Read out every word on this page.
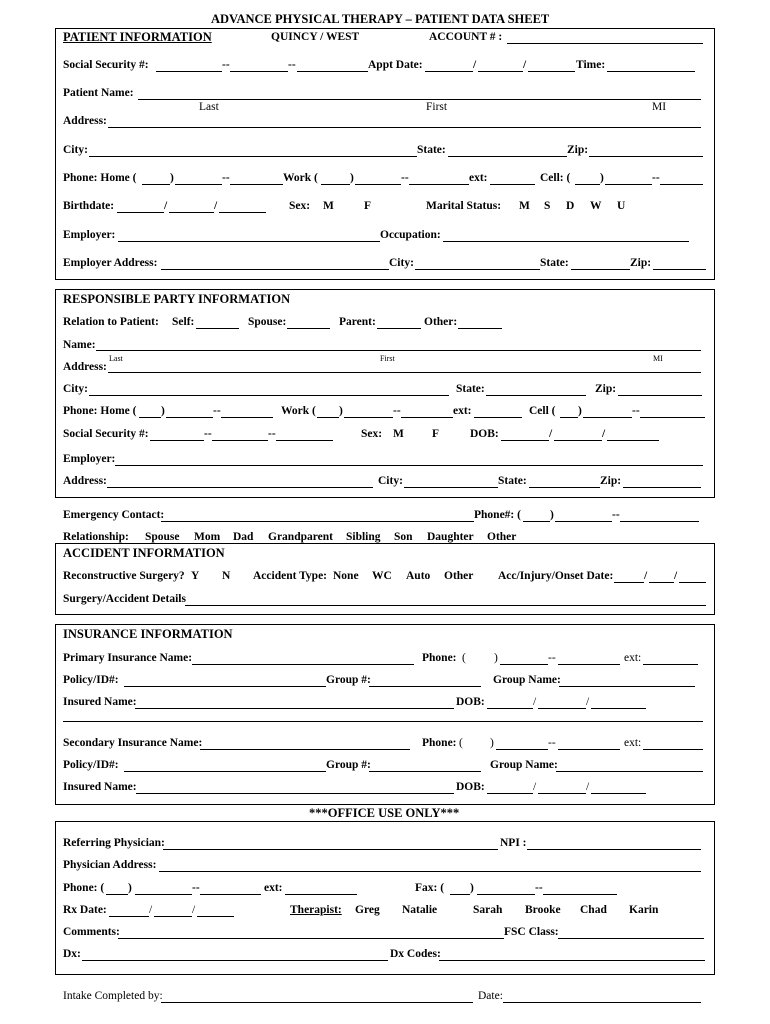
ADVANCE PHYSICAL THERAPY – PATIENT DATA SHEET
PATIENT INFORMATION	QUINCY / WEST	ACCOUNT # :
Social Security #:	--	--	Appt Date:	/	/	Time:
Patient Name:
Last	First	MI
Address:
City:	State:	Zip:
Phone: Home (	)	--	Work (	)	--	ext:	Cell: (	)	--
Birthdate:	/	/	Sex: M	F	Marital Status: M S D W U
Employer:	Occupation:
Employer Address:	City:	State:	Zip:
RESPONSIBLE PARTY INFORMATION
Relation to Patient: Self:	Spouse:	Parent:	Other:
Name:
Last	First	MI
Address:
City:	State:	Zip:
Phone: Home ( )	--	Work ( )	--	ext:	Cell ( )	--
Social Security #:	--	--	Sex: M F	DOB:	/	/
Employer:
Address:	City:	State:	Zip:
Emergency Contact:	Phone#: (	)	--
Relationship: Spouse Mom Dad Grandparent Sibling Son Daughter Other
ACCIDENT INFORMATION
Reconstructive Surgery? Y N Accident Type: None WC Auto Other Acc/Injury/Onset Date:	/ /
Surgery/Accident Details
INSURANCE INFORMATION
Primary Insurance Name:	Phone: ( )	--	ext:
Policy/ID#:	Group #:	Group Name:
Insured Name:	DOB:	/	/
Secondary Insurance Name:	Phone: ( )	--	ext:
Policy/ID#:	Group #:	Group Name:
Insured Name:	DOB:	/	/
***OFFICE USE ONLY***
Referring Physician:	NPI :
Physician Address:
Phone: ( )	--	ext:	Fax: ( )	--
Rx Date:	/	/	Therapist: Greg Natalie	Sarah Brooke Chad Karin
Comments:	FSC Class:
Dx:	Dx Codes:
Intake Completed by:	Date:
